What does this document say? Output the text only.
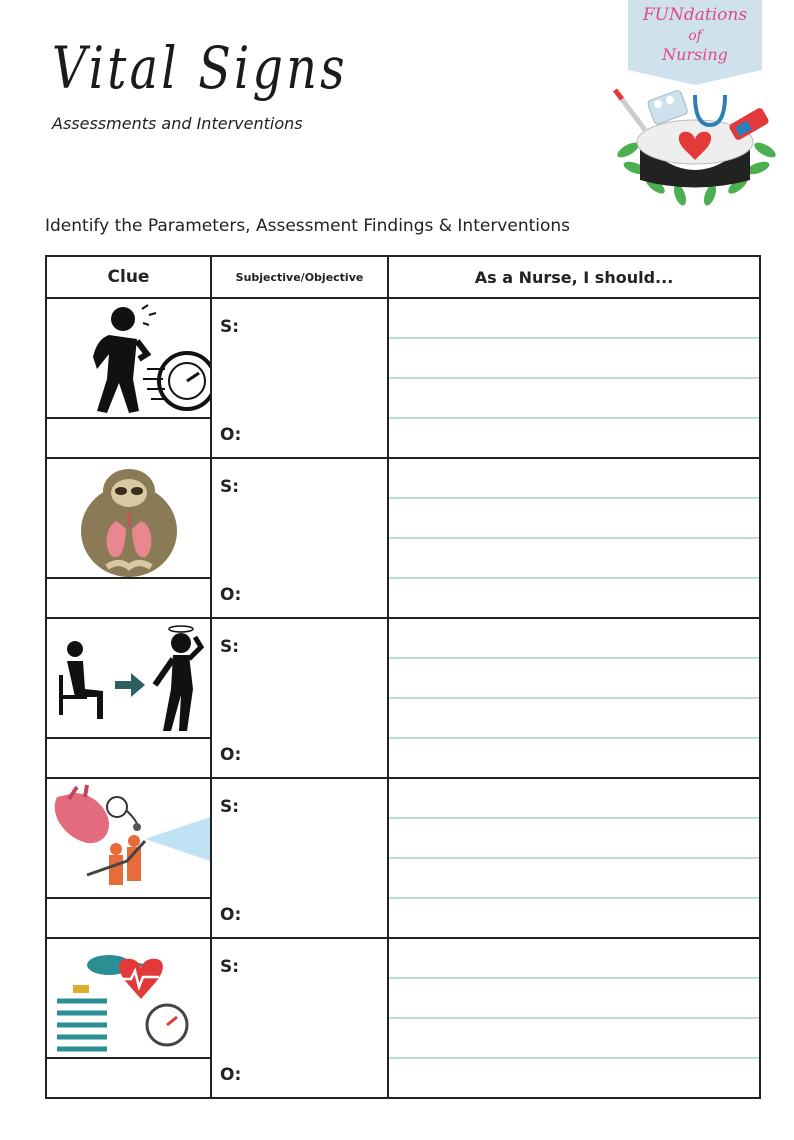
Vital Signs
Assessments and Interventions
FUNdations
of
Nursing
Identify the Parameters, Assessment Findings & Interventions
Clue	Subjective/Objective	As a Nurse, I should...

S:
O:	

S:
O:	

S:
O:	

S:
O:	

S:
O:	
